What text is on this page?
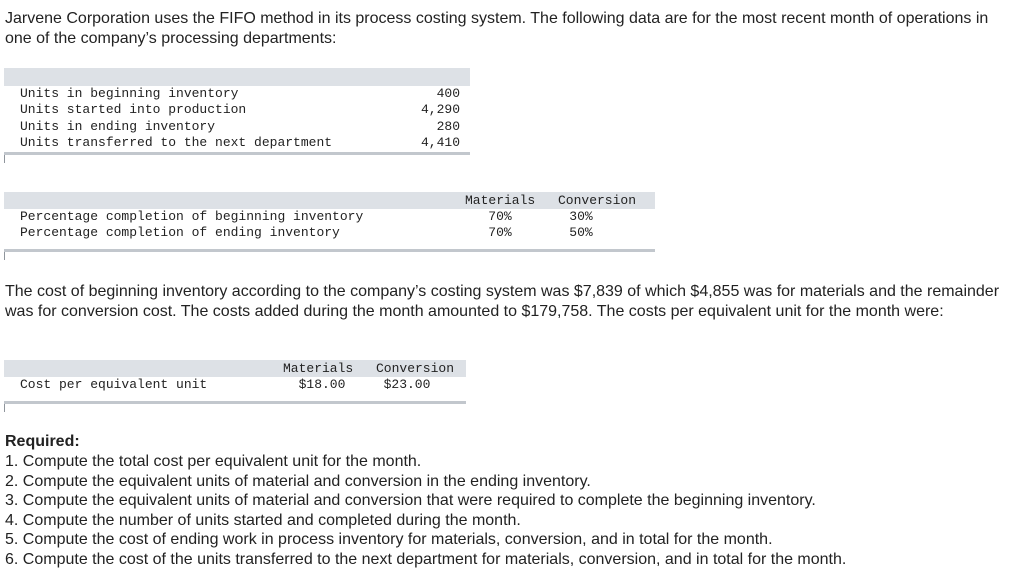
Jarvene Corporation uses the FIFO method in its process costing system. The following data are for the most recent month of operations in one of the company’s processing departments:

Units in beginning inventory	400
Units started into production	4,290
Units in ending inventory	280
Units transferred to the next department	4,410
Materials Conversion
Percentage completion of beginning inventory	70%	30%
Percentage completion of ending inventory	70%	50%

The cost of beginning inventory according to the company’s costing system was $7,839 of which $4,855 was for materials and the remainder was for conversion cost. The costs added during the month amounted to $179,758. The costs per equivalent unit for the month were:

Materials Conversion
Cost per equivalent unit	$18.00	$23.00

Required:

1. Compute the total cost per equivalent unit for the month.
2. Compute the equivalent units of material and conversion in the ending inventory.
3. Compute the equivalent units of material and conversion that were required to complete the beginning inventory.
4. Compute the number of units started and completed during the month.
5. Compute the cost of ending work in process inventory for materials, conversion, and in total for the month.
6. Compute the cost of the units transferred to the next department for materials, conversion, and in total for the month.
